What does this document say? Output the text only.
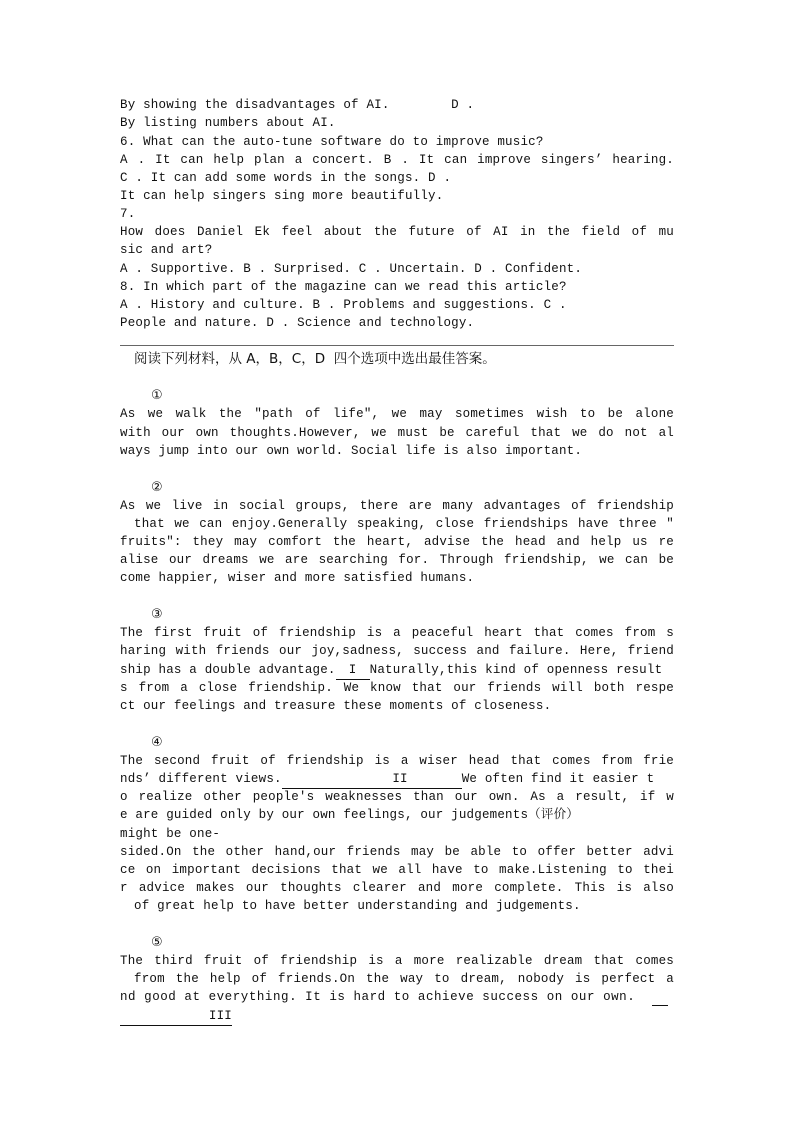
By showing the disadvantages of AI.        D .
By listing numbers about AI.
6. What can the auto-tune software do to improve music?
A . It can help plan a concert. B . It can improve singers’ hearing.
C . It can add some words in the songs. D .
It can help singers sing more beautifully.
7.
How does Daniel Ek feel about the future of AI in the field of mu
sic and art?
A . Supportive. B . Surprised. C . Uncertain. D . Confident.
8. In which part of the magazine can we read this article?
A . History and culture. B . Problems and suggestions. C .
People and nature. D . Science and technology.
阅读下列材料，从 A，B，C，D  四个选项中选出最佳答案。
①
As we walk the "path of life", we may sometimes wish to be alone
with our own thoughts.However, we must be careful that we do not al
ways jump into our own world. Social life is also important.
②
As we live in social groups, there are many advantages of friendship
that we can enjoy.Generally speaking, close friendships have three "
fruits": they may comfort the heart, advise the head and help us re
alise our dreams we are searching for. Through friendship, we can be
come happier, wiser and more satisfied humans.
③
The first fruit of friendship is a peaceful heart that comes from s
haring with friends our joy,sadness, success and failure. Here, friend
ship has a double advantage. I Naturally,this kind of openness result
s from a close friendship. We know that our friends will both respe
ct our feelings and treasure these moments of closeness.
④
The second fruit of friendship is a wiser head that comes from frie
nds’ different views.	II	We often find it easier t
o realize other people's weaknesses than our own. As a result, if w
e are guided only by our own feelings, our judgements（评价）
might be one-
sided.On the other hand,our friends may be able to offer better advi
ce on important decisions that we all have to make.Listening to thei
r advice makes our thoughts clearer and more complete. This is also
of great help to have better understanding and judgements.
⑤
The third fruit of friendship is a more realizable dream that comes
from the help of friends.On the way to dream, nobody is perfect a
nd good at everything. It is hard to achieve success on our own.
III
